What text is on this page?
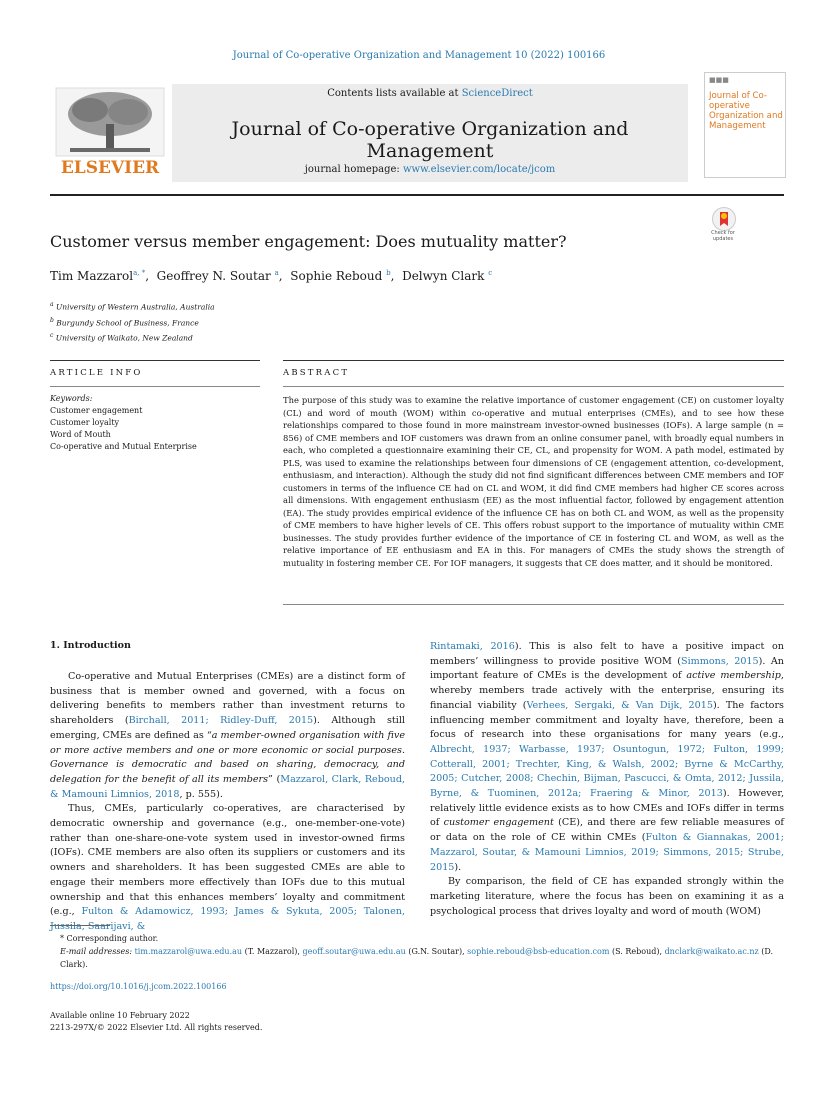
Journal of Co-operative Organization and Management 10 (2022) 100166
ELSEVIER
Contents lists available at ScienceDirect
Journal of Co-operative Organization and Management
journal homepage: www.elsevier.com/locate/jcom
■■■
Journal of Co-operative Organization and Management
Check for updates
Customer versus member engagement: Does mutuality matter?
Tim Mazzarol$^{a, *}$,  Geoffrey N. Soutar $^a$,  Sophie Reboud $^b$,  Delwyn Clark $^c$
$^a$ University of Western Australia, Australia
$^b$ Burgundy School of Business, France
$^c$ University of Waikato, New Zealand
ARTICLE INFO
Keywords:
Customer engagement
Customer loyalty
Word of Mouth
Co-operative and Mutual Enterprise
ABSTRACT
The purpose of this study was to examine the relative importance of customer engagement (CE) on customer loyalty (CL) and word of mouth (WOM) within co-operative and mutual enterprises (CMEs), and to see how these relationships compared to those found in more mainstream investor-owned businesses (IOFs). A large sample (n = 856) of CME members and IOF customers was drawn from an online consumer panel, with broadly equal numbers in each, who completed a questionnaire examining their CE, CL, and propensity for WOM. A path model, estimated by PLS, was used to examine the relationships between four dimensions of CE (engagement attention, co-development, enthusiasm, and interaction). Although the study did not find significant differences between CME members and IOF customers in terms of the influence CE had on CL and WOM, it did find CME members had higher CE scores across all dimensions. With engagement enthusiasm (EE) as the most influential factor, followed by engagement attention (EA). The study provides empirical evidence of the influence CE has on both CL and WOM, as well as the propensity of CME members to have higher levels of CE. This offers robust support to the importance of mutuality within CME businesses. The study provides further evidence of the importance of CE in fostering CL and WOM, as well as the relative importance of EE enthusiasm and EA in this. For managers of CMEs the study shows the strength of mutuality in fostering member CE. For IOF managers, it suggests that CE does matter, and it should be monitored.
1. Introduction

Co-operative and Mutual Enterprises (CMEs) are a distinct form of business that is member owned and governed, with a focus on delivering benefits to members rather than investment returns to shareholders (Birchall, 2011; Ridley-Duff, 2015). Although still emerging, CMEs are defined as “a member-owned organisation with five or more active members and one or more economic or social purposes. Governance is democratic and based on sharing, democracy, and delegation for the benefit of all its members” (Mazzarol, Clark, Reboud, & Mamouni Limnios, 2018, p. 555).

Thus, CMEs, particularly co-operatives, are characterised by democratic ownership and governance (e.g., one-member-one-vote) rather than one-share-one-vote system used in investor-owned firms (IOFs). CME members are also often its suppliers or customers and its owners and shareholders. It has been suggested CMEs are able to engage their members more effectively than IOFs due to this mutual ownership and that this enhances members’ loyalty and commitment (e.g., Fulton & Adamowicz, 1993; James & Sykuta, 2005; Talonen, Jussila, Saarijavi, &

Rintamaki, 2016). This is also felt to have a positive impact on members’ willingness to provide positive WOM (Simmons, 2015). An important feature of CMEs is the development of active membership, whereby members trade actively with the enterprise, ensuring its financial viability (Verhees, Sergaki, & Van Dijk, 2015). The factors influencing member commitment and loyalty have, therefore, been a focus of research into these organisations for many years (e.g., Albrecht, 1937; Warbasse, 1937; Osuntogun, 1972; Fulton, 1999; Cotterall, 2001; Trechter, King, & Walsh, 2002; Byrne & McCarthy, 2005; Cutcher, 2008; Chechin, Bijman, Pascucci, & Omta, 2012; Jussila, Byrne, & Tuominen, 2012a; Fraering & Minor, 2013). However, relatively little evidence exists as to how CMEs and IOFs differ in terms of customer engagement (CE), and there are few reliable measures of or data on the role of CE within CMEs (Fulton & Giannakas, 2001; Mazzarol, Soutar, & Mamouni Limnios, 2019; Simmons, 2015; Strube, 2015).

By comparison, the field of CE has expanded strongly within the marketing literature, where the focus has been on examining it as a psychological process that drives loyalty and word of mouth (WOM)

* Corresponding author.
E-mail addresses: tim.mazzarol@uwa.edu.au (T. Mazzarol), geoff.soutar@uwa.edu.au (G.N. Soutar), sophie.reboud@bsb-education.com (S. Reboud), dnclark@waikato.ac.nz (D. Clark).
https://doi.org/10.1016/j.jcom.2022.100166
Available online 10 February 2022
2213-297X/© 2022 Elsevier Ltd. All rights reserved.
